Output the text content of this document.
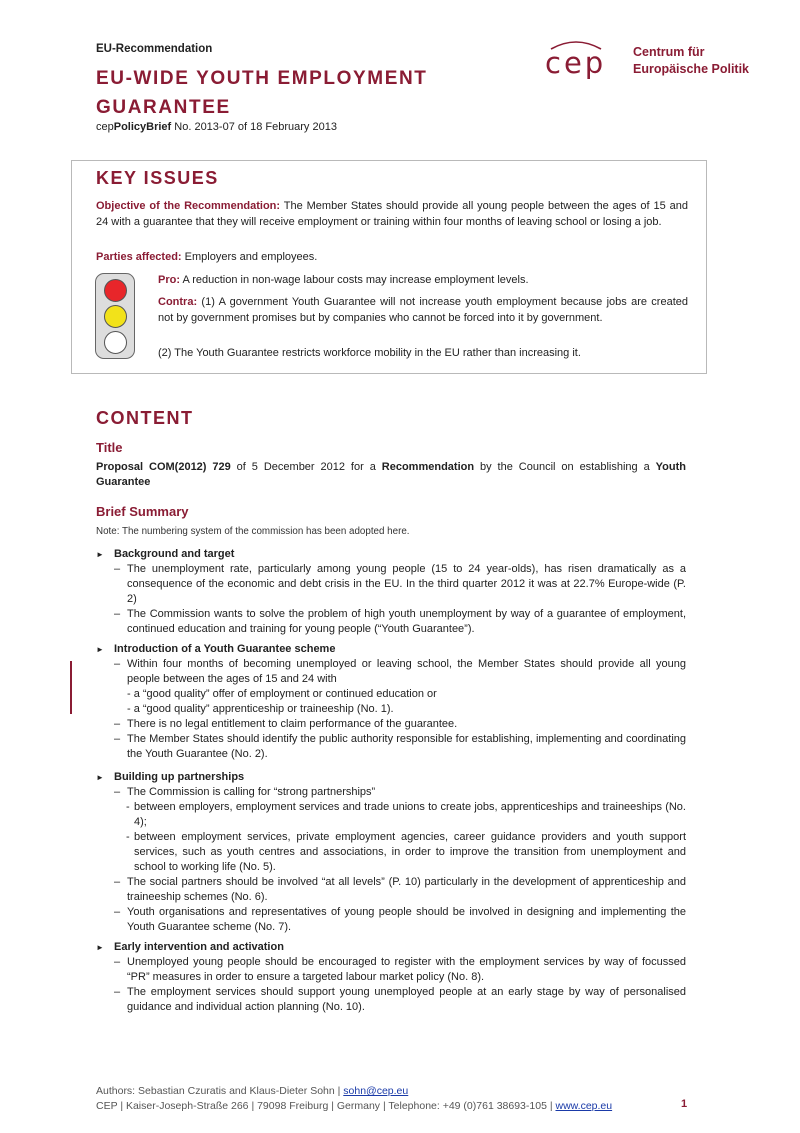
EU-Recommendation
EU-WIDE YOUTH EMPLOYMENT
GUARANTEE
cepPolicyBrief No. 2013-07 of 18 February 2013
cep Centrum für
Europäische Politik
KEY ISSUES
Objective of the Recommendation: The Member States should provide all young people between the ages of 15 and 24 with a guarantee that they will receive employment or training within four months of leaving school or losing a job.
Parties affected: Employers and employees.
Pro: A reduction in non-wage labour costs may increase employment levels.
Contra: (1) A government Youth Guarantee will not increase youth employment because jobs are created not by government promises but by companies who cannot be forced into it by government.
(2) The Youth Guarantee restricts workforce mobility in the EU rather than increasing it.
CONTENT
Title
Proposal COM(2012) 729 of 5 December 2012 for a Recommendation by the Council on establishing a Youth Guarantee
Brief Summary
Note: The numbering system of the commission has been adopted here.
► Background and target
– The unemployment rate, particularly among young people (15 to 24 year-olds), has risen dramatically as a consequence of the economic and debt crisis in the EU. In the third quarter 2012 it was at 22.7% Europe-wide (P. 2)
– The Commission wants to solve the problem of high youth unemployment by way of a guarantee of employment, continued education and training for young people (“Youth Guarantee”).
► Introduction of a Youth Guarantee scheme
– Within four months of becoming unemployed or leaving school, the Member States should provide all young people between the ages of 15 and 24 with
- a “good quality” offer of employment or continued education or
- a “good quality” apprenticeship or traineeship (No. 1).
– There is no legal entitlement to claim performance of the guarantee.
– The Member States should identify the public authority responsible for establishing, implementing and coordinating the Youth Guarantee (No. 2).
► Building up partnerships
– The Commission is calling for “strong partnerships”
- between employers, employment services and trade unions to create jobs, apprenticeships and traineeships (No. 4);
- between employment services, private employment agencies, career guidance providers and youth support services, such as youth centres and associations, in order to improve the transition from unemployment and school to working life (No. 5).
– The social partners should be involved “at all levels” (P. 10) particularly in the development of apprenticeship and traineeship schemes (No. 6).
– Youth organisations and representatives of young people should be involved in designing and implementing the Youth Guarantee scheme (No. 7).
► Early intervention and activation
– Unemployed young people should be encouraged to register with the employment services by way of focussed “PR” measures in order to ensure a targeted labour market policy (No. 8).
– The employment services should support young unemployed people at an early stage by way of personalised guidance and individual action planning (No. 10).
Authors: Sebastian Czuratis and Klaus-Dieter Sohn | sohn@cep.eu
CEP | Kaiser-Joseph-Straße 266 | 79098 Freiburg | Germany | Telephone: +49 (0)761 38693-105 | www.cep.eu	1
